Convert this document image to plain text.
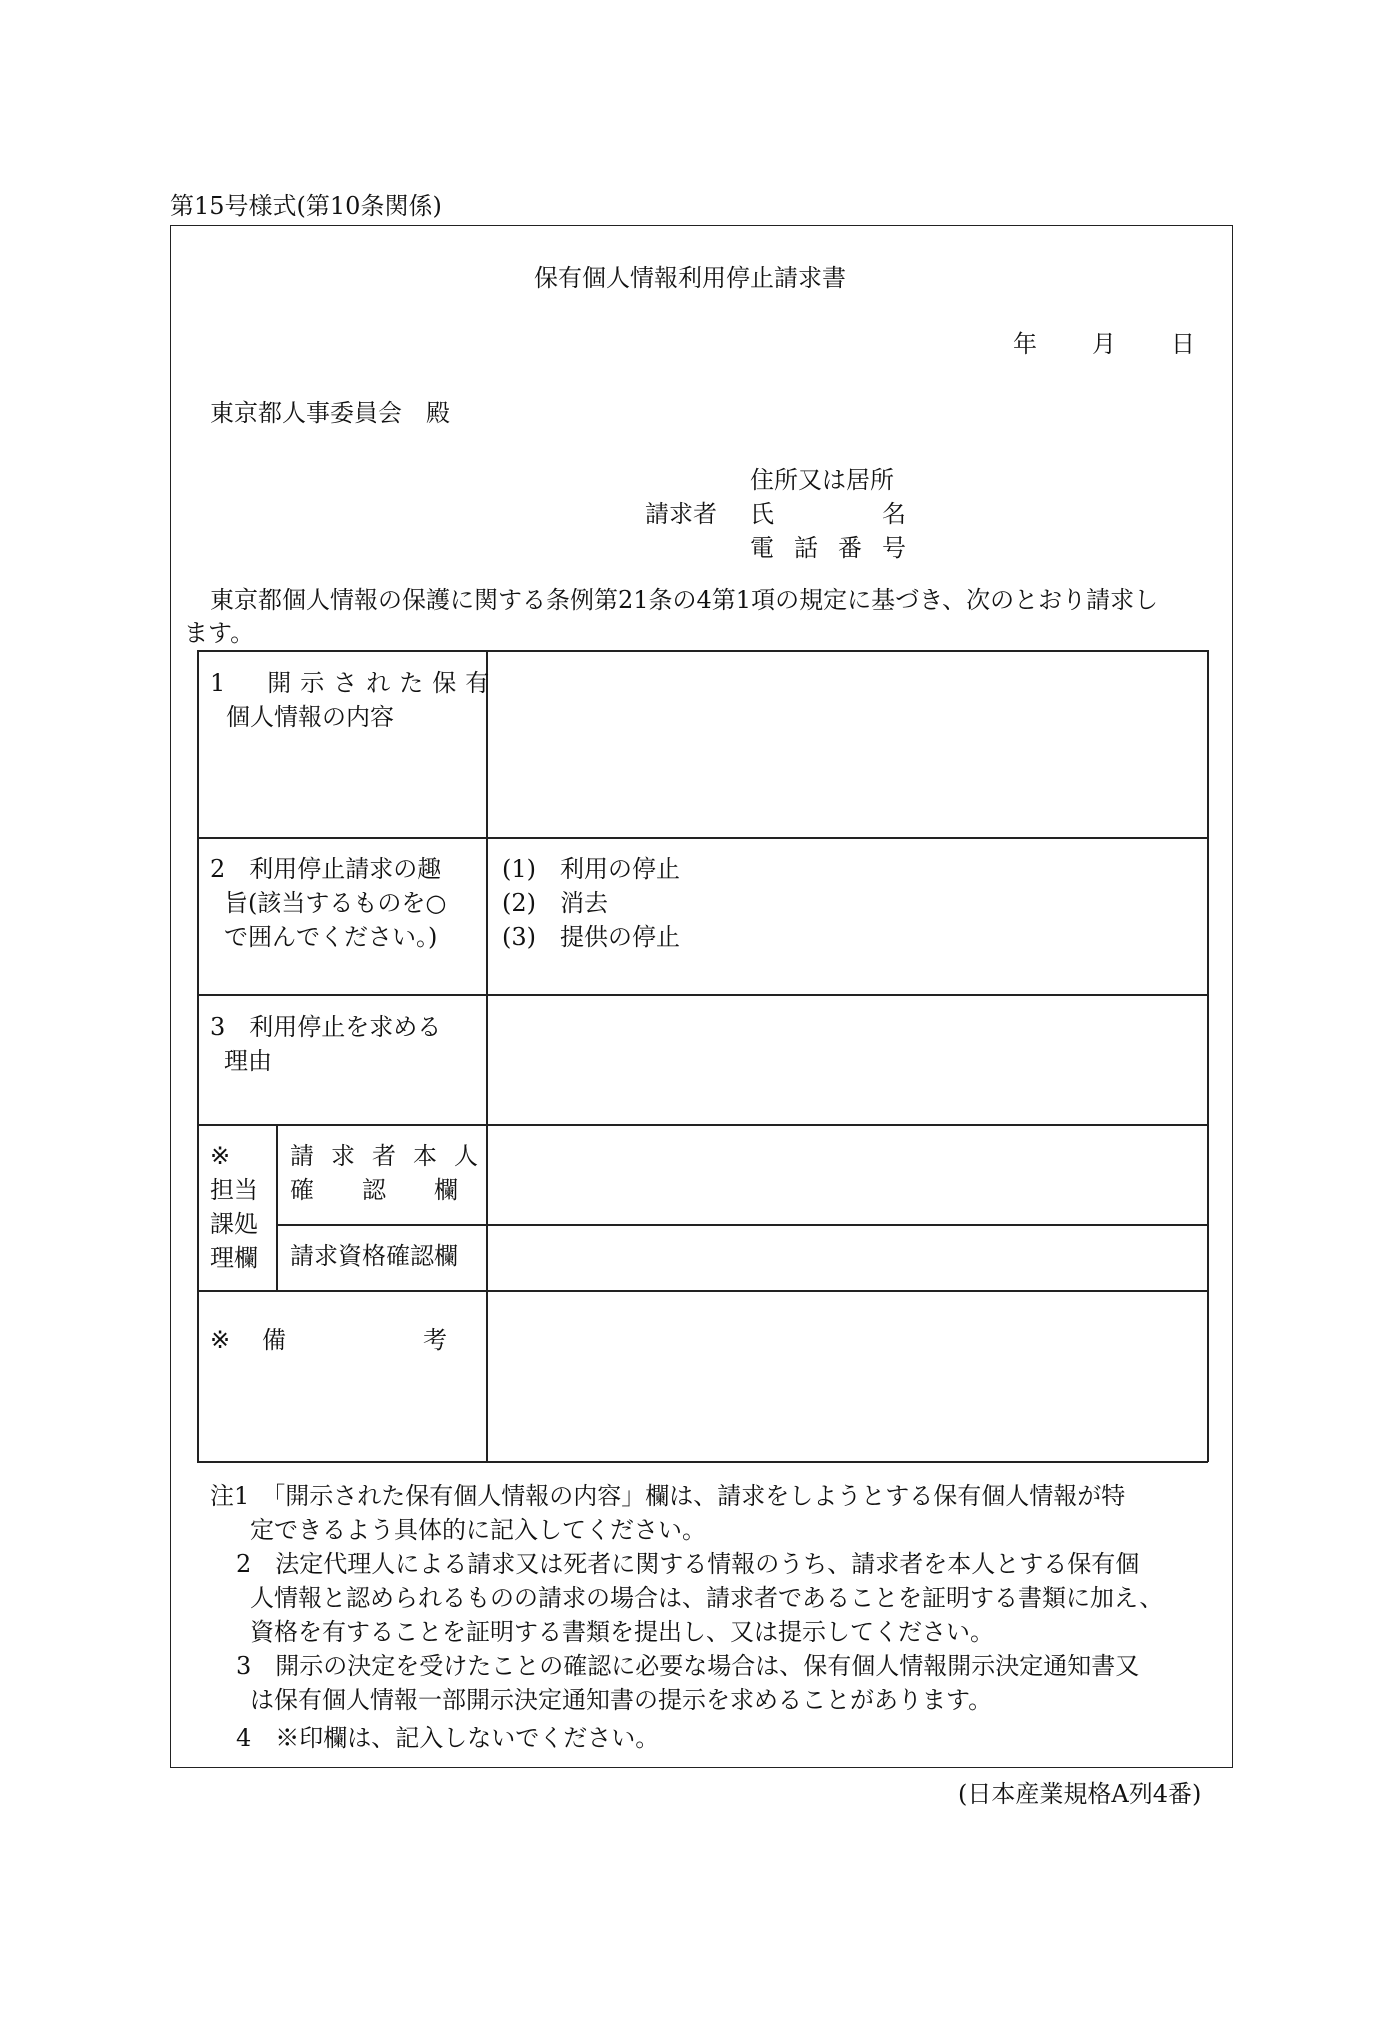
第15号様式(第10条関係)
保有個人情報利用停止請求書
年 月 日
東京都人事委員会　殿
住所又は居所
請求者 氏	名
電 話 番 号
東京都個人情報の保護に関する条例第21条の4第1項の規定に基づき、次のとおり請求し
ます。
1　開示された保有
個人情報の内容
2　利用停止請求の趣
旨(該当するものを○
で囲んでください。)
(1)　利用の停止
(2)　消去
(3)　提供の停止
3　利用停止を求める
理由
※
担当
課処
理欄
請求者本人
確認欄
請求資格確認欄
※ 備	考
注1　「開示された保有個人情報の内容」欄は、請求をしようとする保有個人情報が特
定できるよう具体的に記入してください。
2　法定代理人による請求又は死者に関する情報のうち、請求者を本人とする保有個
人情報と認められるものの請求の場合は、請求者であることを証明する書類に加え、
資格を有することを証明する書類を提出し、又は提示してください。
3　開示の決定を受けたことの確認に必要な場合は、保有個人情報開示決定通知書又
は保有個人情報一部開示決定通知書の提示を求めることがあります。
4　※印欄は、記入しないでください。
(日本産業規格A列4番)
